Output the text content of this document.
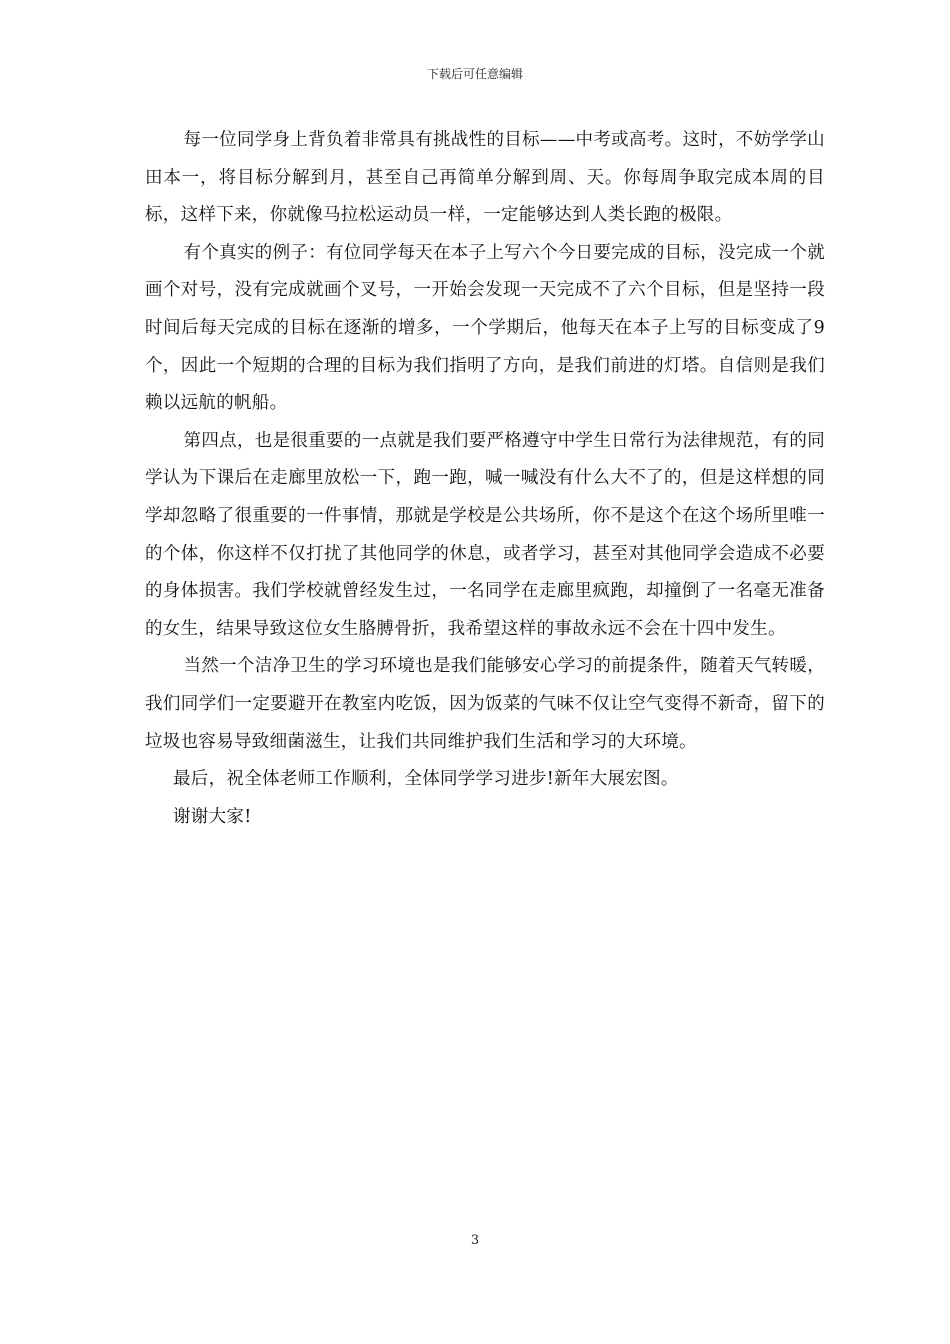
下载后可任意编辑

每一位同学身上背负着非常具有挑战性的目标——中考或高考。这时，不妨学学山田本一，将目标分解到月，甚至自己再简单分解到周、天。你每周争取完成本周的目标，这样下来，你就像马拉松运动员一样，一定能够达到人类长跑的极限。

有个真实的例子：有位同学每天在本子上写六个今日要完成的目标，没完成一个就画个对号，没有完成就画个叉号，一开始会发现一天完成不了六个目标，但是坚持一段时间后每天完成的目标在逐渐的增多，一个学期后，他每天在本子上写的目标变成了9个，因此一个短期的合理的目标为我们指明了方向，是我们前进的灯塔。自信则是我们赖以远航的帆船。

第四点，也是很重要的一点就是我们要严格遵守中学生日常行为法律规范，有的同学认为下课后在走廊里放松一下，跑一跑，喊一喊没有什么大不了的，但是这样想的同学却忽略了很重要的一件事情，那就是学校是公共场所，你不是这个在这个场所里唯一的个体，你这样不仅打扰了其他同学的休息，或者学习，甚至对其他同学会造成不必要的身体损害。我们学校就曾经发生过，一名同学在走廊里疯跑，却撞倒了一名毫无准备的女生，结果导致这位女生胳膊骨折，我希望这样的事故永远不会在十四中发生。

当然一个洁净卫生的学习环境也是我们能够安心学习的前提条件，随着天气转暖，我们同学们一定要避开在教室内吃饭，因为饭菜的气味不仅让空气变得不新奇，留下的垃圾也容易导致细菌滋生，让我们共同维护我们生活和学习的大环境。

最后，祝全体老师工作顺利，全体同学学习进步!新年大展宏图。

谢谢大家!

3
